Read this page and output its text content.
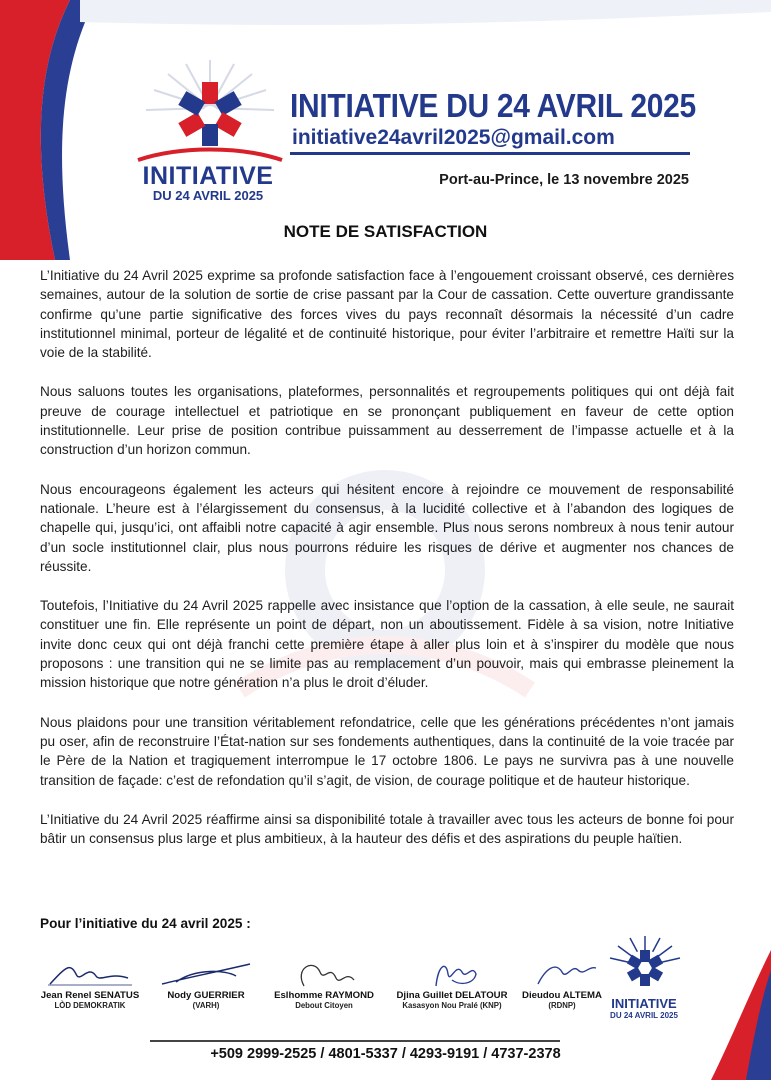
INITIATIVE
DU 24 AVRIL 2025
INITIATIVE DU 24 AVRIL 2025
initiative24avril2025@gmail.com
Port-au-Prince, le 13 novembre 2025
NOTE DE SATISFACTION

L’Initiative du 24 Avril 2025 exprime sa profonde satisfaction face à l’engouement croissant observé, ces dernières semaines, autour de la solution de sortie de crise passant par la Cour de cassation. Cette ouverture grandissante confirme qu’une partie significative des forces vives du pays reconnaît désormais la nécessité d’un cadre institutionnel minimal, porteur de légalité et de continuité historique, pour éviter l’arbitraire et remettre Haïti sur la voie de la stabilité.

Nous saluons toutes les organisations, plateformes, personnalités et regroupements politiques qui ont déjà fait preuve de courage intellectuel et patriotique en se prononçant publiquement en faveur de cette option institutionnelle. Leur prise de position contribue puissamment au desserrement de l’impasse actuelle et à la construction d’un horizon commun.

Nous encourageons également les acteurs qui hésitent encore à rejoindre ce mouvement de responsabilité nationale. L’heure est à l’élargissement du consensus, à la lucidité collective et à l’abandon des logiques de chapelle qui, jusqu’ici, ont affaibli notre capacité à agir ensemble. Plus nous serons nombreux à nous tenir autour d’un socle institutionnel clair, plus nous pourrons réduire les risques de dérive et augmenter nos chances de réussite.

Toutefois, l’Initiative du 24 Avril 2025 rappelle avec insistance que l’option de la cassation, à elle seule, ne saurait constituer une fin. Elle représente un point de départ, non un aboutissement. Fidèle à sa vision, notre Initiative invite donc ceux qui ont déjà franchi cette première étape à aller plus loin et à s’inspirer du modèle que nous proposons : une transition qui ne se limite pas au remplacement d’un pouvoir, mais qui embrasse pleinement la mission historique que notre génération n’a plus le droit d’éluder.

Nous plaidons pour une transition véritablement refondatrice, celle que les générations précédentes n’ont jamais pu oser, afin de reconstruire l’État-nation sur ses fondements authentiques, dans la continuité de la voie tracée par le Père de la Nation et tragiquement interrompue le 17 octobre 1806. Le pays ne survivra pas à une nouvelle transition de façade: c’est de refondation qu’il s’agit, de vision, de courage politique et de hauteur historique.

L’Initiative du 24 Avril 2025 réaffirme ainsi sa disponibilité totale à travailler avec tous les acteurs de bonne foi pour bâtir un consensus plus large et plus ambitieux, à la hauteur des défis et des aspirations du peuple haïtien.

Pour l’initiative du 24 avril 2025 :
Jean Renel SENATUS
LÒD DEMOKRATIK
Nody GUERRIER
(VARH)
Eslhomme RAYMOND
Debout Citoyen
Djina Guillet DELATOUR
Kasasyon Nou Pralé (KNP)
Dieudou ALTEMA
(RDNP)	INITIATIVE
DU 24 AVRIL 2025
+509 2999-2525 / 4801-5337 / 4293-9191 / 4737-2378
